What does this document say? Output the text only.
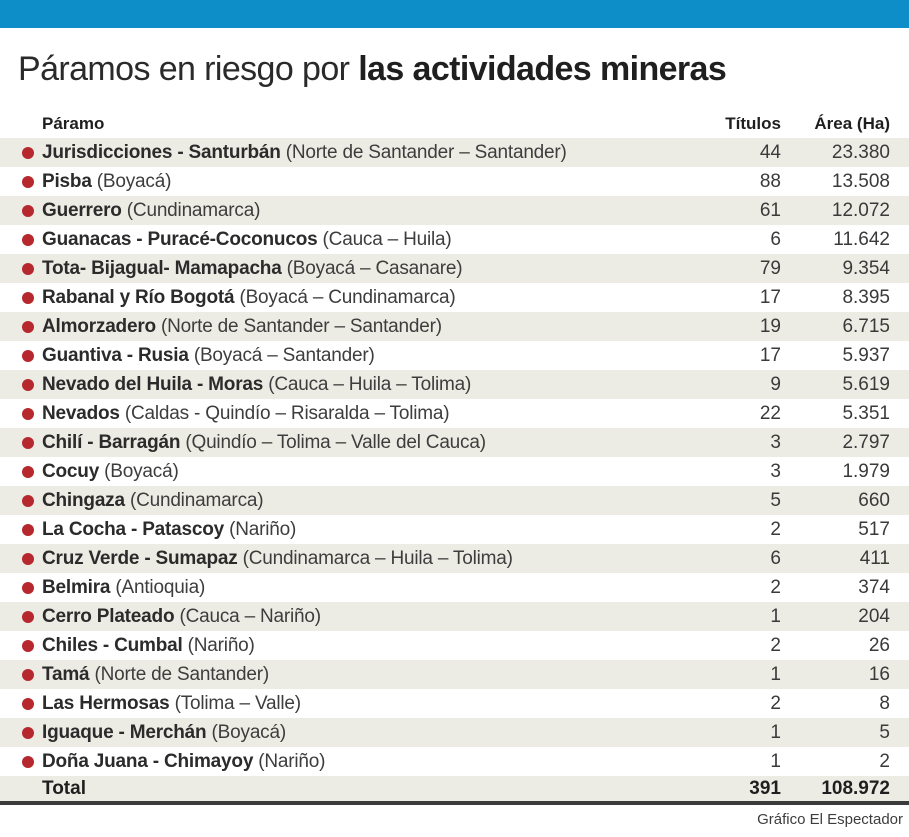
Páramos en riesgo por las actividades mineras
Páramo	Títulos	Área (Ha)
Jurisdicciones - Santurbán (Norte de Santander – Santander)	44	23.380
Pisba (Boyacá)	88	13.508
Guerrero (Cundinamarca)	61	12.072
Guanacas - Puracé-Coconucos (Cauca – Huila)	6	11.642
Tota- Bijagual- Mamapacha (Boyacá – Casanare)	79	9.354
Rabanal y Río Bogotá (Boyacá – Cundinamarca)	17	8.395
Almorzadero (Norte de Santander – Santander)	19	6.715
Guantiva - Rusia (Boyacá – Santander)	17	5.937
Nevado del Huila - Moras (Cauca – Huila – Tolima)	9	5.619
Nevados (Caldas - Quindío – Risaralda – Tolima)	22	5.351
Chilí - Barragán (Quindío – Tolima – Valle del Cauca)	3	2.797
Cocuy (Boyacá)	3	1.979
Chingaza (Cundinamarca)	5	660
La Cocha - Patascoy (Nariño)	2	517
Cruz Verde - Sumapaz (Cundinamarca – Huila – Tolima)	6	411
Belmira (Antioquia)	2	374
Cerro Plateado (Cauca – Nariño)	1	204
Chiles - Cumbal (Nariño)	2	26
Tamá (Norte de Santander)	1	16
Las Hermosas (Tolima – Valle)	2	8
Iguaque - Merchán (Boyacá)	1	5
Doña Juana - Chimayoy (Nariño)	1	2
Total	391	108.972
Gráfico El Espectador
